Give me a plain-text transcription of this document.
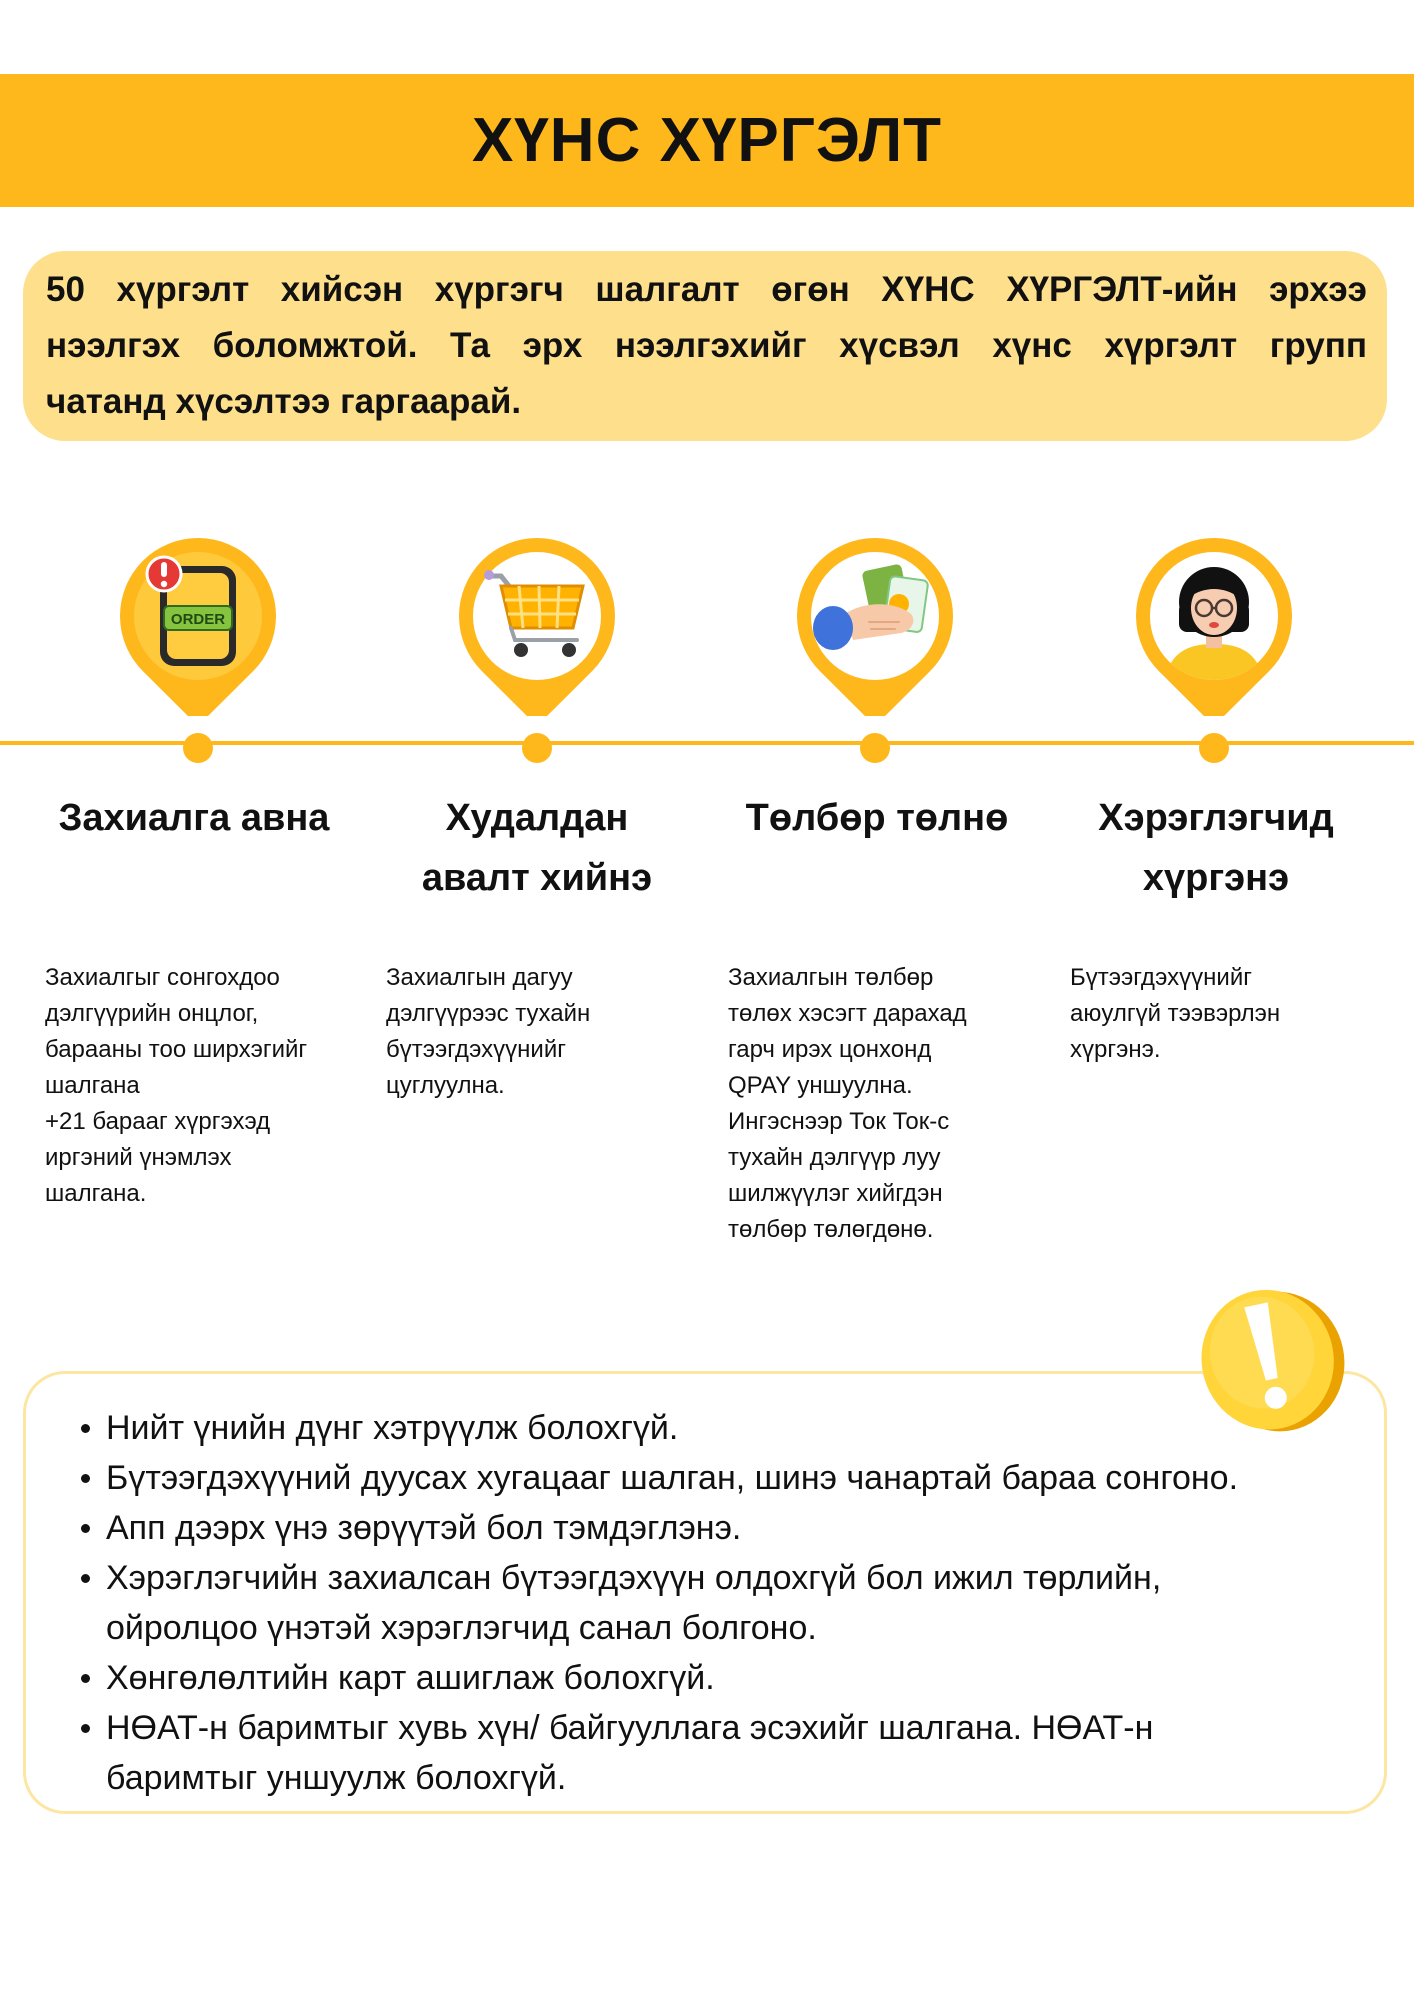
ХҮНС ХҮРГЭЛТ
50 хүргэлт хийсэн хүргэгч шалгалт өгөн ХҮНС ХҮРГЭЛТ-ийн эрхээ
нээлгэх боломжтой. Та эрх нээлгэхийг хүсвэл хүнс хүргэлт групп
чатанд хүсэлтээ гаргаарай.
ORDER
Захиалга авна	Худалдан
авалт хийнэ
Төлбөр төлнө	Хэрэглэгчид
хүргэнэ
Захиалгыг сонгохдоо
дэлгүүрийн онцлог,
барааны тоо ширхэгийг
шалгана
+21 барааг хүргэхэд
иргэний үнэмлэх
шалгана.
Захиалгын дагуу
дэлгүүрээс тухайн
бүтээгдэхүүнийг
цуглуулна.
Захиалгын төлбөр
төлөх хэсэгт дарахад
гарч ирэх цонхонд
QPAY уншуулна.
Ингэснээр Ток Ток-с
тухайн дэлгүүр луу
шилжүүлэг хийгдэн
төлбөр төлөгдөнө.
Бүтээгдэхүүнийг
аюулгүй тээвэрлэн
хүргэнэ.
Нийт үнийн дүнг хэтрүүлж болохгүй.
Бүтээгдэхүүний дуусах хугацааг шалган, шинэ чанартай бараа сонгоно.
Апп дээрх үнэ зөрүүтэй бол тэмдэглэнэ.
Хэрэглэгчийн захиалсан бүтээгдэхүүн олдохгүй бол ижил төрлийн,
ойролцоо үнэтэй хэрэглэгчид санал болгоно.
Хөнгөлөлтийн карт ашиглаж болохгүй.
НӨАТ-н баримтыг хувь хүн/ байгууллага эсэхийг шалгана. НӨАТ-н
баримтыг уншуулж болохгүй.
